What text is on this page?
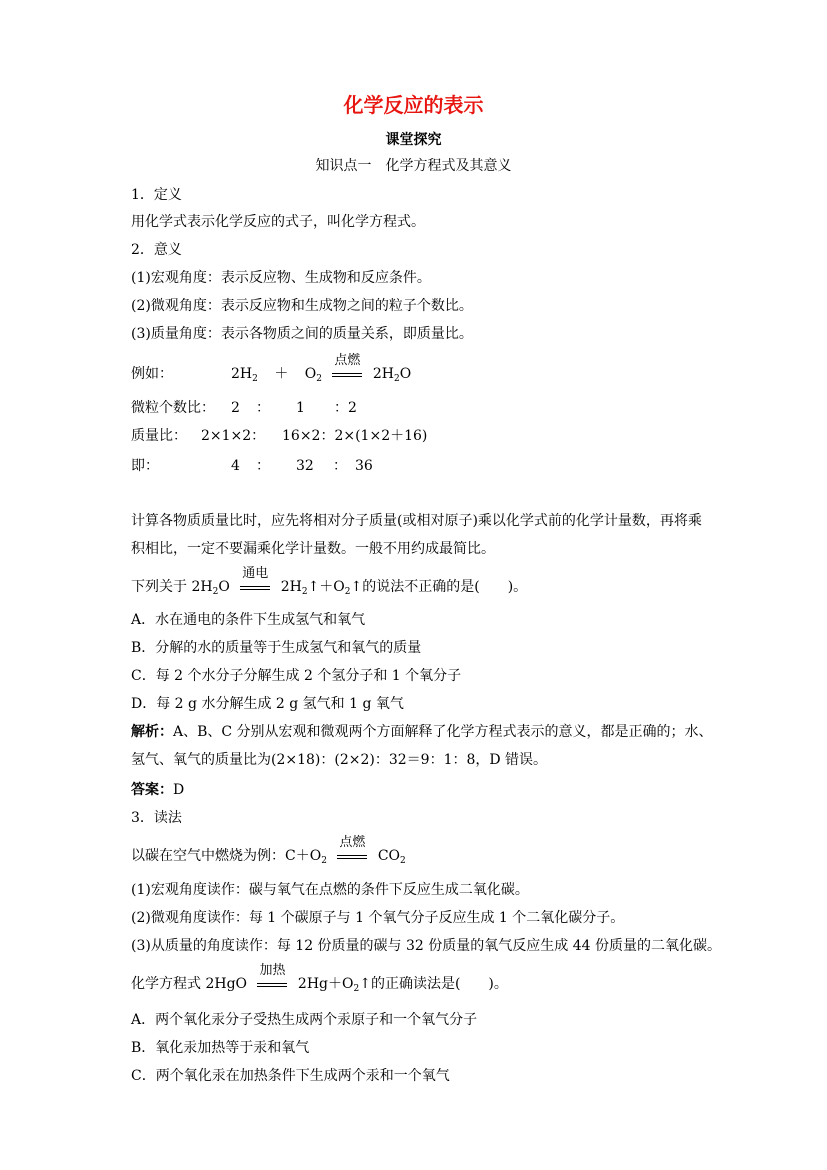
化学反应的表示
课堂探究
知识点一　化学方程式及其意义
1．定义
用化学式表示化学反应的式子，叫化学方程式。
2．意义
(1)宏观角度：表示反应物、生成物和反应条件。
(2)微观角度：表示反应物和生成物之间的粒子个数比。
(3)质量角度：表示各物质之间的质量关系，即质量比。
例如：	$2H_2 + O_2$
点燃
$2H_2O$
微粒个数比： 2 ： 1 ：2
质量比： 2×1×2： 16×2：2×(1×2＋16)
即：	4 ： 32 ： 36
计算各物质质量比时，应先将相对分子质量(或相对原子)乘以化学式前的化学计量数，再将乘
积相比，一定不要漏乘化学计量数。一般不用约成最简比。
下列关于 $2H_2O$
通电
$2H_2↑+O_2↑$的说法不正确的是(　　)。
A．水在通电的条件下生成氢气和氧气
B．分解的水的质量等于生成氢气和氧气的质量
C．每 2 个水分子分解生成 2 个氢分子和 1 个氧分子
D．每 2 g 水分解生成 2 g 氢气和 1 g 氧气
解析：A、B、C 分别从宏观和微观两个方面解释了化学方程式表示的意义，都是正确的；水、
氢气、氧气的质量比为(2×18)：(2×2)：32＝9：1：8，D 错误。
答案：D
3．读法
以碳在空气中燃烧为例：$C+O_2$
点燃
$CO_2$
(1)宏观角度读作：碳与氧气在点燃的条件下反应生成二氧化碳。
(2)微观角度读作：每 1 个碳原子与 1 个氧气分子反应生成 1 个二氧化碳分子。
(3)从质量的角度读作：每 12 份质量的碳与 32 份质量的氧气反应生成 44 份质量的二氧化碳。
化学方程式 2HgO
加热
$2Hg+O_2↑$的正确读法是(　　)。
A．两个氧化汞分子受热生成两个汞原子和一个氧气分子
B．氧化汞加热等于汞和氧气
C．两个氧化汞在加热条件下生成两个汞和一个氧气
